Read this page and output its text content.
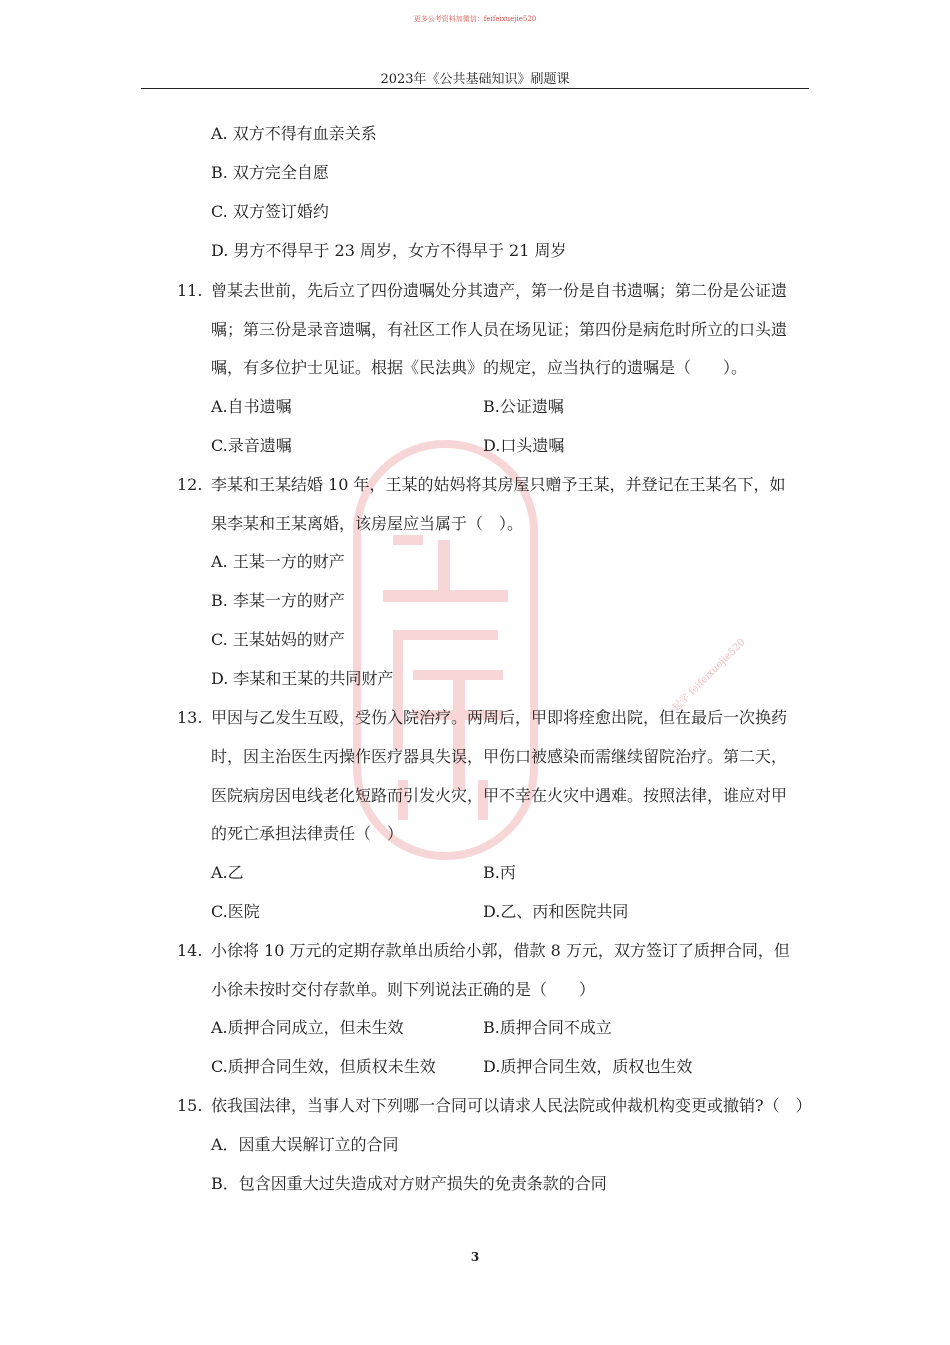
更多公考资料加微信：feifeixuejie520
2023年《公共基础知识》刷题课
一起学 feifeixuejie520
A. 双方不得有血亲关系
B. 双方完全自愿
C. 双方签订婚约
D. 男方不得早于 23 周岁，女方不得早于 21 周岁
11. 曾某去世前，先后立了四份遗嘱处分其遗产，第一份是自书遗嘱；第二份是公证遗
嘱；第三份是录音遗嘱，有社区工作人员在场见证；第四份是病危时所立的口头遗
嘱，有多位护士见证。根据《民法典》的规定，应当执行的遗嘱是（　　）。
A.自书遗嘱	B.公证遗嘱
C.录音遗嘱	D.口头遗嘱
12. 李某和王某结婚 10 年，王某的姑妈将其房屋只赠予王某，并登记在王某名下，如
果李某和王某离婚，该房屋应当属于（　）。
A. 王某一方的财产
B. 李某一方的财产
C. 王某姑妈的财产
D. 李某和王某的共同财产
13. 甲因与乙发生互殴，受伤入院治疗。两周后，甲即将痊愈出院，但在最后一次换药
时，因主治医生丙操作医疗器具失误，甲伤口被感染而需继续留院治疗。第二天，
医院病房因电线老化短路而引发火灾，甲不幸在火灾中遇难。按照法律，谁应对甲
的死亡承担法律责任（　）
A.乙	B.丙
C.医院	D.乙、丙和医院共同
14. 小徐将 10 万元的定期存款单出质给小郭，借款 8 万元，双方签订了质押合同，但
小徐未按时交付存款单。则下列说法正确的是（　　）
A.质押合同成立，但未生效	B.质押合同不成立
C.质押合同生效，但质权未生效	D.质押合同生效，质权也生效
15. 依我国法律，当事人对下列哪一合同可以请求人民法院或仲裁机构变更或撤销?（　）
A．因重大误解订立的合同
B．包含因重大过失造成对方财产损失的免责条款的合同
3
